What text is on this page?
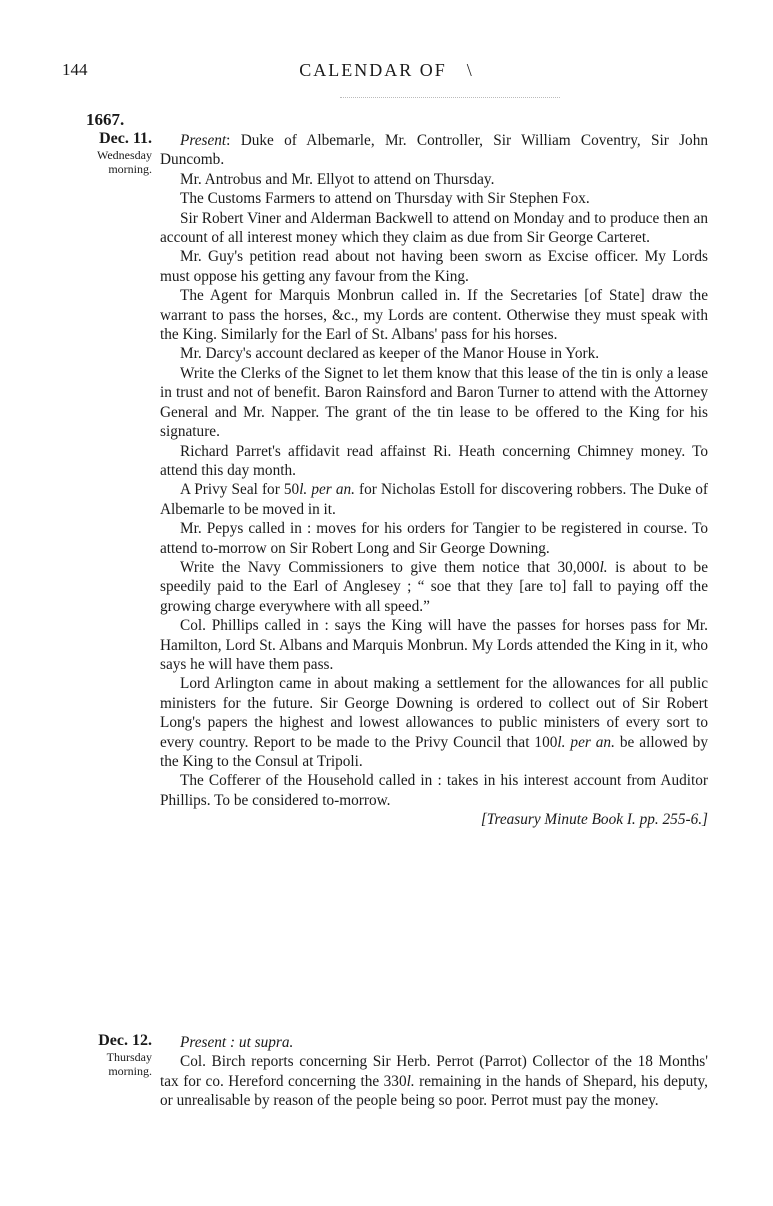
144	CALENDAR OF \
1667.
Dec. 11.
Wednesday
morning.

Present: Duke of Albemarle, Mr. Controller, Sir William Coventry, Sir John Duncomb.

Mr. Antrobus and Mr. Ellyot to attend on Thursday.

The Customs Farmers to attend on Thursday with Sir Stephen Fox.

Sir Robert Viner and Alderman Backwell to attend on Monday and to produce then an account of all interest money which they claim as due from Sir George Carteret.

Mr. Guy's petition read about not having been sworn as Excise officer. My Lords must oppose his getting any favour from the King.

The Agent for Marquis Monbrun called in. If the Secretaries [of State] draw the warrant to pass the horses, &c., my Lords are content. Otherwise they must speak with the King. Similarly for the Earl of St. Albans' pass for his horses.

Mr. Darcy's account declared as keeper of the Manor House in York.

Write the Clerks of the Signet to let them know that this lease of the tin is only a lease in trust and not of benefit. Baron Rainsford and Baron Turner to attend with the Attorney General and Mr. Napper. The grant of the tin lease to be offered to the King for his signature.

Richard Parret's affidavit read affainst Ri. Heath concerning Chimney money. To attend this day month.

A Privy Seal for 50l. per an. for Nicholas Estoll for discovering robbers. The Duke of Albemarle to be moved in it.

Mr. Pepys called in : moves for his orders for Tangier to be registered in course. To attend to-morrow on Sir Robert Long and Sir George Downing.

Write the Navy Commissioners to give them notice that 30,000l. is about to be speedily paid to the Earl of Anglesey ; “ soe that they [are to] fall to paying off the growing charge everywhere with all speed.”

Col. Phillips called in : says the King will have the passes for horses pass for Mr. Hamilton, Lord St. Albans and Marquis Monbrun. My Lords attended the King in it, who says he will have them pass.

Lord Arlington came in about making a settlement for the allowances for all public ministers for the future. Sir George Downing is ordered to collect out of Sir Robert Long's papers the highest and lowest allowances to public ministers of every sort to every country. Report to be made to the Privy Council that 100l. per an. be allowed by the King to the Consul at Tripoli.

The Cofferer of the Household called in : takes in his interest account from Auditor Phillips. To be considered to-morrow.

[Treasury Minute Book I. pp. 255-6.]

Dec. 12.
Thursday
morning.

Present : ut supra.

Col. Birch reports concerning Sir Herb. Perrot (Parrot) Collector of the 18 Months' tax for co. Hereford concerning the 330l. remaining in the hands of Shepard, his deputy, or unrealisable by reason of the people being so poor. Perrot must pay the money.
